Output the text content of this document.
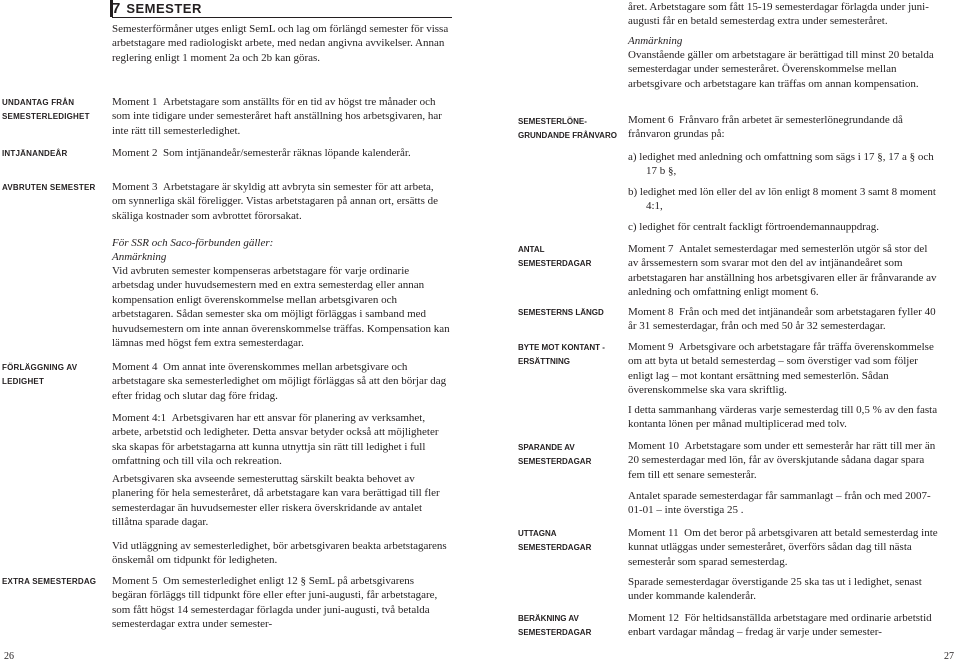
7 SEMESTER

Semesterförmåner utges enligt SemL och lag om förlängd semester för vissa arbetstagare med radiologiskt arbete, med nedan angivna avvikelser. Annan reglering enligt 1 moment 2a och 2b kan göras.

UNDANTAG FRÅN SEMESTERLEDIGHET

Moment 1 Arbetstagare som anställts för en tid av högst tre månader och som inte tidigare under semesteråret haft anställning hos arbetsgivaren, har inte rätt till semesterledighet.

INTJÄNANDEÅR	Moment 2 Som intjänandeår/semesterår räknas löpande kalenderår.

AVBRUTEN SEMESTER Moment 3 Arbetstagare är skyldig att avbryta sin semester för att arbeta, om synnerliga skäl föreligger. Vistas arbetstagaren på annan ort, ersätts de skäliga kostnader som avbrottet förorsakat.

För SSR och Saco-förbunden gäller:

Anmärkning

Vid avbruten semester kompenseras arbetstagare för varje ordinarie arbetsdag under huvudsemestern med en extra semesterdag eller annan kompensation enligt överenskommelse mellan arbetsgivaren och arbetstagaren. Sådan semester ska om möjligt förläggas i samband med huvudsemestern om inte annan överenskommelse träffas. Kompensation kan lämnas med högst fem extra semesterdagar.

FÖRLÄGGNING AV LEDIGHET

Moment 4 Om annat inte överenskommes mellan arbetsgivare och arbetstagare ska semesterledighet om möjligt förläggas så att den börjar dag efter fridag och slutar dag före fridag.

Moment 4:1 Arbetsgivaren har ett ansvar för planering av verksamhet, arbete, arbetstid och ledigheter. Detta ansvar betyder också att möjligheter ska skapas för arbetstagarna att kunna utnyttja sin rätt till ledighet i full omfattning och till vila och rekreation.

Arbetsgivaren ska avseende semesteruttag särskilt beakta behovet av planering för hela semesteråret, då arbetstagare kan vara berättigad till fler semesterdagar än huvudsemester eller riskera överskridande av antalet tillåtna sparade dagar.

Vid utläggning av semesterledighet, bör arbetsgivaren beakta arbetstagarens önskemål om tidpunkt för ledigheten.

EXTRA SEMESTERDAG Moment 5 Om semesterledighet enligt 12 § SemL på arbetsgivarens begäran förläggs till tidpunkt före eller efter juni-augusti, får arbetstagare, som fått högst 14 semesterdagar förlagda under juni-augusti, två betalda semesterdagar extra under semester-

26

året. Arbetstagare som fått 15-19 semesterdagar förlagda under juni-augusti får en betald semesterdag extra under semesteråret.

Anmärkning

Ovanstående gäller om arbetstagare är berättigad till minst 20 betalda semesterdagar under semesteråret. Överenskommelse mellan arbetsgivare och arbetstagare kan träffas om annan kompensation.

SEMESTERLÖNE-GRUNDANDE FRÅNVARO

Moment 6 Frånvaro från arbetet är semesterlönegrundande då frånvaron grundas på:

a) ledighet med anledning och omfattning som sägs i 17 §, 17 a § och 17 b §,

b) ledighet med lön eller del av lön enligt 8 moment 3 samt 8 moment 4:1,

c) ledighet för centralt fackligt förtroendemannauppdrag.

ANTAL SEMESTERDAGAR

Moment 7 Antalet semesterdagar med semesterlön utgör så stor del av årssemestern som svarar mot den del av intjänandeåret som arbetstagaren har anställning hos arbetsgivaren eller är frånvarande av anledning och omfattning enligt moment 6.

SEMESTERNS LÄNGD	Moment 8 Från och med det intjänandeår som arbetstagaren fyller 40 år 31 semesterdagar, från och med 50 år 32 semesterdagar.

BYTE MOT KONTANT - ERSÄTTNING

Moment 9 Arbetsgivare och arbetstagare får träffa överenskommelse om att byta ut betald semesterdag – som överstiger vad som följer enligt lag – mot kontant ersättning med semesterlön. Sådan överenskommelse ska vara skriftlig.

I detta sammanhang värderas varje semesterdag till 0,5 % av den fasta kontanta lönen per månad multiplicerad med tolv.

SPARANDE AV SEMESTERDAGAR

Moment 10 Arbetstagare som under ett semesterår har rätt till mer än 20 semesterdagar med lön, får av överskjutande sådana dagar spara fem till ett senare semesterår.

Antalet sparade semesterdagar får sammanlagt – från och med 2007-01-01 – inte överstiga 25 .

UTTAGNA SEMESTERDAGAR

Moment 11 Om det beror på arbetsgivaren att betald semesterdag inte kunnat utläggas under semesteråret, överförs sådan dag till nästa semesterår som sparad semesterdag.

Sparade semesterdagar överstigande 25 ska tas ut i ledighet, senast under kommande kalenderår.

BERÄKNING AV SEMESTERDAGAR

Moment 12 För heltidsanställda arbetstagare med ordinarie arbetstid enbart vardagar måndag – fredag är varje under semester-

27
